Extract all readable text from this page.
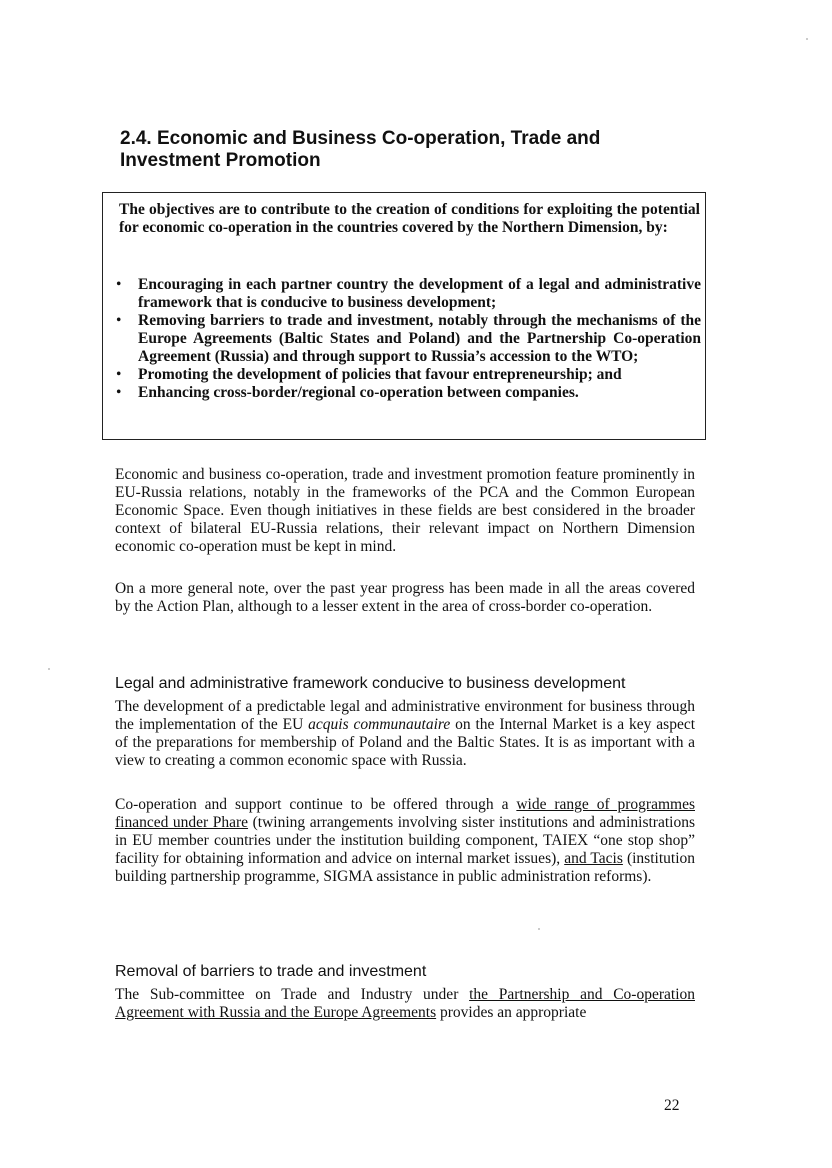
2.4. Economic and Business Co-operation, Trade and Investment Promotion
The objectives are to contribute to the creation of conditions for exploiting the potential for economic co-operation in the countries covered by the Northern Dimension, by:
• Encouraging in each partner country the development of a legal and administrative framework that is conducive to business development;
• Removing barriers to trade and investment, notably through the mechanisms of the Europe Agreements (Baltic States and Poland) and the Partnership Co-operation Agreement (Russia) and through support to Russia’s accession to the WTO;
• Promoting the development of policies that favour entrepreneurship; and
• Enhancing cross-border/regional co-operation between companies.

Economic and business co-operation, trade and investment promotion feature prominently in EU-Russia relations, notably in the frameworks of the PCA and the Common European Economic Space. Even though initiatives in these fields are best considered in the broader context of bilateral EU-Russia relations, their relevant impact on Northern Dimension economic co-operation must be kept in mind.

On a more general note, over the past year progress has been made in all the areas covered by the Action Plan, although to a lesser extent in the area of cross-border co-operation.

Legal and administrative framework conducive to business development

The development of a predictable legal and administrative environment for business through the implementation of the EU acquis communautaire on the Internal Market is a key aspect of the preparations for membership of Poland and the Baltic States. It is as important with a view to creating a common economic space with Russia.

Co-operation and support continue to be offered through a wide range of programmes financed under Phare (twining arrangements involving sister institutions and administrations in EU member countries under the institution building component, TAIEX “one stop shop” facility for obtaining information and advice on internal market issues), and Tacis (institution building partnership programme, SIGMA assistance in public administration reforms).

Removal of barriers to trade and investment

The Sub-committee on Trade and Industry under the Partnership and Co-operation Agreement with Russia and the Europe Agreements provides an appropriate

22
